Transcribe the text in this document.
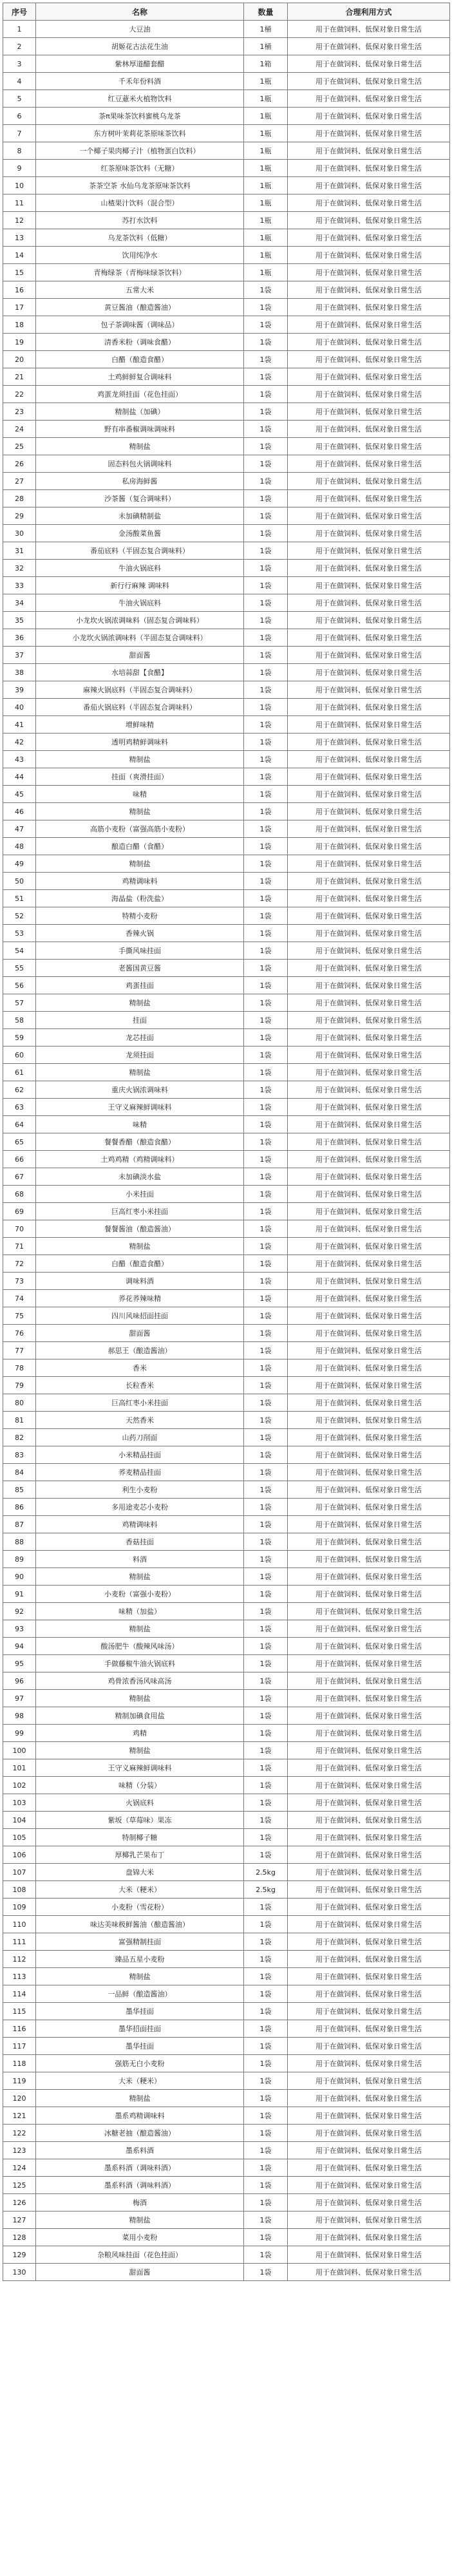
序号	名称	数量	合理利用方式
1	大豆油	1桶	用于在做饲料、低保对象日常生活
2	胡姬花古法花生油	1桶	用于在做饲料、低保对象日常生活
3	紫林厚道醋套醋	1箱	用于在做饲料、低保对象日常生活
4	千禾年份料酒	1瓶	用于在做饲料、低保对象日常生活
5	红豆薏米火植物饮料	1瓶	用于在做饲料、低保对象日常生活
6	茶π果味茶饮料蜜桃乌龙茶	1瓶	用于在做饲料、低保对象日常生活
7	东方树叶茉莉花茶原味茶饮料	1瓶	用于在做饲料、低保对象日常生活
8	一个椰子果肉椰子汁（植物蛋白饮料）	1瓶	用于在做饲料、低保对象日常生活
9	红茶原味茶饮料（无糖）	1瓶	用于在做饲料、低保对象日常生活
10	茶茶空茶 水仙乌龙茶原味茶饮料	1瓶	用于在做饲料、低保对象日常生活
11	山楂果汁饮料（混合型）	1瓶	用于在做饲料、低保对象日常生活
12	苏打水饮料	1瓶	用于在做饲料、低保对象日常生活
13	乌龙茶饮料（低糖）	1瓶	用于在做饲料、低保对象日常生活
14	饮用纯净水	1瓶	用于在做饲料、低保对象日常生活
15	青梅绿茶（青梅味绿茶饮料）	1瓶	用于在做饲料、低保对象日常生活
16	五常大米	1袋	用于在做饲料、低保对象日常生活
17	黄豆酱油（酿造酱油）	1袋	用于在做饲料、低保对象日常生活
18	包子茶调味酱（调味品）	1袋	用于在做饲料、低保对象日常生活
19	清香米粉（调味食醋）	1袋	用于在做饲料、低保对象日常生活
20	白醋（酿造食醋）	1袋	用于在做饲料、低保对象日常生活
21	土鸡鲜鲜复合调味料	1袋	用于在做饲料、低保对象日常生活
22	鸡蛋龙须挂面（花色挂面）	1袋	用于在做饲料、低保对象日常生活
23	精制盐（加碘）	1袋	用于在做饲料、低保对象日常生活
24	野有串番椒调味调味料	1袋	用于在做饲料、低保对象日常生活
25	精制盐	1袋	用于在做饲料、低保对象日常生活
26	固态料包火锅调味料	1袋	用于在做饲料、低保对象日常生活
27	私房海鲜酱	1袋	用于在做饲料、低保对象日常生活
28	沙茶酱（复合调味料）	1袋	用于在做饲料、低保对象日常生活
29	未加碘精制盐	1袋	用于在做饲料、低保对象日常生活
30	金汤酸菜鱼酱	1袋	用于在做饲料、低保对象日常生活
31	番茄底料（半固态复合调味料）	1袋	用于在做饲料、低保对象日常生活
32	牛油火锅底料	1袋	用于在做饲料、低保对象日常生活
33	新行行麻辣 调味料	1袋	用于在做饲料、低保对象日常生活
34	牛油火锅底料	1袋	用于在做饲料、低保对象日常生活
35	小龙坎火锅浓调味料（固态复合调味料）	1袋	用于在做饲料、低保对象日常生活
36	小龙坎火锅浓调味料（半固态复合调味料）	1袋	用于在做饲料、低保对象日常生活
37	甜面酱	1袋	用于在做饲料、低保对象日常生活
38	水培蒜甜【食醋】	1袋	用于在做饲料、低保对象日常生活
39	麻辣火锅底料（半固态复合调味料）	1袋	用于在做饲料、低保对象日常生活
40	番茄火锅底料（半固态复合调味料）	1袋	用于在做饲料、低保对象日常生活
41	增鲜味精	1袋	用于在做饲料、低保对象日常生活
42	透明鸡精鲜调味料	1袋	用于在做饲料、低保对象日常生活
43	精制盐	1袋	用于在做饲料、低保对象日常生活
44	挂面（爽滑挂面）	1袋	用于在做饲料、低保对象日常生活
45	味精	1袋	用于在做饲料、低保对象日常生活
46	精制盐	1袋	用于在做饲料、低保对象日常生活
47	高筋小麦粉（富强高筋小麦粉）	1袋	用于在做饲料、低保对象日常生活
48	酿造白醋（食醋）	1袋	用于在做饲料、低保对象日常生活
49	精制盐	1袋	用于在做饲料、低保对象日常生活
50	鸡精调味料	1袋	用于在做饲料、低保对象日常生活
51	海晶盐（粉洗盐）	1袋	用于在做饲料、低保对象日常生活
52	特精小麦粉	1袋	用于在做饲料、低保对象日常生活
53	香辣火锅	1袋	用于在做饲料、低保对象日常生活
54	手撕风味挂面	1袋	用于在做饲料、低保对象日常生活
55	老酱国黄豆酱	1袋	用于在做饲料、低保对象日常生活
56	鸡蛋挂面	1袋	用于在做饲料、低保对象日常生活
57	精制盐	1袋	用于在做饲料、低保对象日常生活
58	挂面	1袋	用于在做饲料、低保对象日常生活
59	龙芯挂面	1袋	用于在做饲料、低保对象日常生活
60	龙须挂面	1袋	用于在做饲料、低保对象日常生活
61	精制盐	1袋	用于在做饲料、低保对象日常生活
62	重庆火锅浓调味料	1袋	用于在做饲料、低保对象日常生活
63	王守义麻辣鲜调味料	1袋	用于在做饲料、低保对象日常生活
64	味精	1袋	用于在做饲料、低保对象日常生活
65	餐餐香醋（酿造食醋）	1袋	用于在做饲料、低保对象日常生活
66	土鸡鸡精（鸡精调味料）	1袋	用于在做饲料、低保对象日常生活
67	未加碘淡水盐	1袋	用于在做饲料、低保对象日常生活
68	小米挂面	1袋	用于在做饲料、低保对象日常生活
69	巨高红枣小米挂面	1袋	用于在做饲料、低保对象日常生活
70	餐餐酱油（酿造酱油）	1袋	用于在做饲料、低保对象日常生活
71	精制盐	1袋	用于在做饲料、低保对象日常生活
72	白醋（酿造食醋）	1袋	用于在做饲料、低保对象日常生活
73	调味料酒	1袋	用于在做饲料、低保对象日常生活
74	荞花荞辣味精	1袋	用于在做饲料、低保对象日常生活
75	四川风味招面挂面	1袋	用于在做饲料、低保对象日常生活
76	甜面酱	1袋	用于在做饲料、低保对象日常生活
77	郝思王（酿造酱油）	1袋	用于在做饲料、低保对象日常生活
78	香米	1袋	用于在做饲料、低保对象日常生活
79	长粒香米	1袋	用于在做饲料、低保对象日常生活
80	巨高红枣小米挂面	1袋	用于在做饲料、低保对象日常生活
81	天然香米	1袋	用于在做饲料、低保对象日常生活
82	山药刀削面	1袋	用于在做饲料、低保对象日常生活
83	小米精品挂面	1袋	用于在做饲料、低保对象日常生活
84	荞麦精品挂面	1袋	用于在做饲料、低保对象日常生活
85	利生小麦粉	1袋	用于在做饲料、低保对象日常生活
86	多用途麦芯小麦粉	1袋	用于在做饲料、低保对象日常生活
87	鸡精调味料	1袋	用于在做饲料、低保对象日常生活
88	香菇挂面	1袋	用于在做饲料、低保对象日常生活
89	料酒	1袋	用于在做饲料、低保对象日常生活
90	精制盐	1袋	用于在做饲料、低保对象日常生活
91	小麦粉（富强小麦粉）	1袋	用于在做饲料、低保对象日常生活
92	味精（加盐）	1袋	用于在做饲料、低保对象日常生活
93	精制盐	1袋	用于在做饲料、低保对象日常生活
94	酸汤肥牛（酸辣风味汤）	1袋	用于在做饲料、低保对象日常生活
95	手做藤椒牛油火锅底料	1袋	用于在做饲料、低保对象日常生活
96	鸡骨浓香汤风味高汤	1袋	用于在做饲料、低保对象日常生活
97	精制盐	1袋	用于在做饲料、低保对象日常生活
98	精制加碘食用盐	1袋	用于在做饲料、低保对象日常生活
99	鸡精	1袋	用于在做饲料、低保对象日常生活
100	精制盐	1袋	用于在做饲料、低保对象日常生活
101	王守义麻辣鲜调味料	1袋	用于在做饲料、低保对象日常生活
102	味精（分装）	1袋	用于在做饲料、低保对象日常生活
103	火锅底料	1袋	用于在做饲料、低保对象日常生活
104	紫坂（草莓味）果冻	1袋	用于在做饲料、低保对象日常生活
105	特制椰子糖	1袋	用于在做饲料、低保对象日常生活
106	厚椰乳芒果布丁	1袋	用于在做饲料、低保对象日常生活
107	盘锦大米	2.5kg	用于在做饲料、低保对象日常生活
108	大米（粳米）	2.5kg	用于在做饲料、低保对象日常生活
109	小麦粉（雪花粉）	1袋	用于在做饲料、低保对象日常生活
110	味达美味极鲜酱油（酿造酱油）	1袋	用于在做饲料、低保对象日常生活
111	富强精制挂面	1袋	用于在做饲料、低保对象日常生活
112	臻品五星小麦粉	1袋	用于在做饲料、低保对象日常生活
113	精制盐	1袋	用于在做饲料、低保对象日常生活
114	一品鲜（酿造酱油）	1袋	用于在做饲料、低保对象日常生活
115	墨华挂面	1袋	用于在做饲料、低保对象日常生活
116	墨华招面挂面	1袋	用于在做饲料、低保对象日常生活
117	墨华挂面	1袋	用于在做饲料、低保对象日常生活
118	强筋无白小麦粉	1袋	用于在做饲料、低保对象日常生活
119	大米（粳米）	1袋	用于在做饲料、低保对象日常生活
120	精制盐	1袋	用于在做饲料、低保对象日常生活
121	墨系鸡精调味料	1袋	用于在做饲料、低保对象日常生活
122	冰糖老抽（酿造酱油）	1袋	用于在做饲料、低保对象日常生活
123	墨系料酒	1袋	用于在做饲料、低保对象日常生活
124	墨系料酒（调味料酒）	1袋	用于在做饲料、低保对象日常生活
125	墨系料酒（调味料酒）	1袋	用于在做饲料、低保对象日常生活
126	梅酒	1袋	用于在做饲料、低保对象日常生活
127	精制盐	1袋	用于在做饲料、低保对象日常生活
128	菜用小麦粉	1袋	用于在做饲料、低保对象日常生活
129	杂粮风味挂面（花色挂面）	1袋	用于在做饲料、低保对象日常生活
130	甜面酱	1袋	用于在做饲料、低保对象日常生活
